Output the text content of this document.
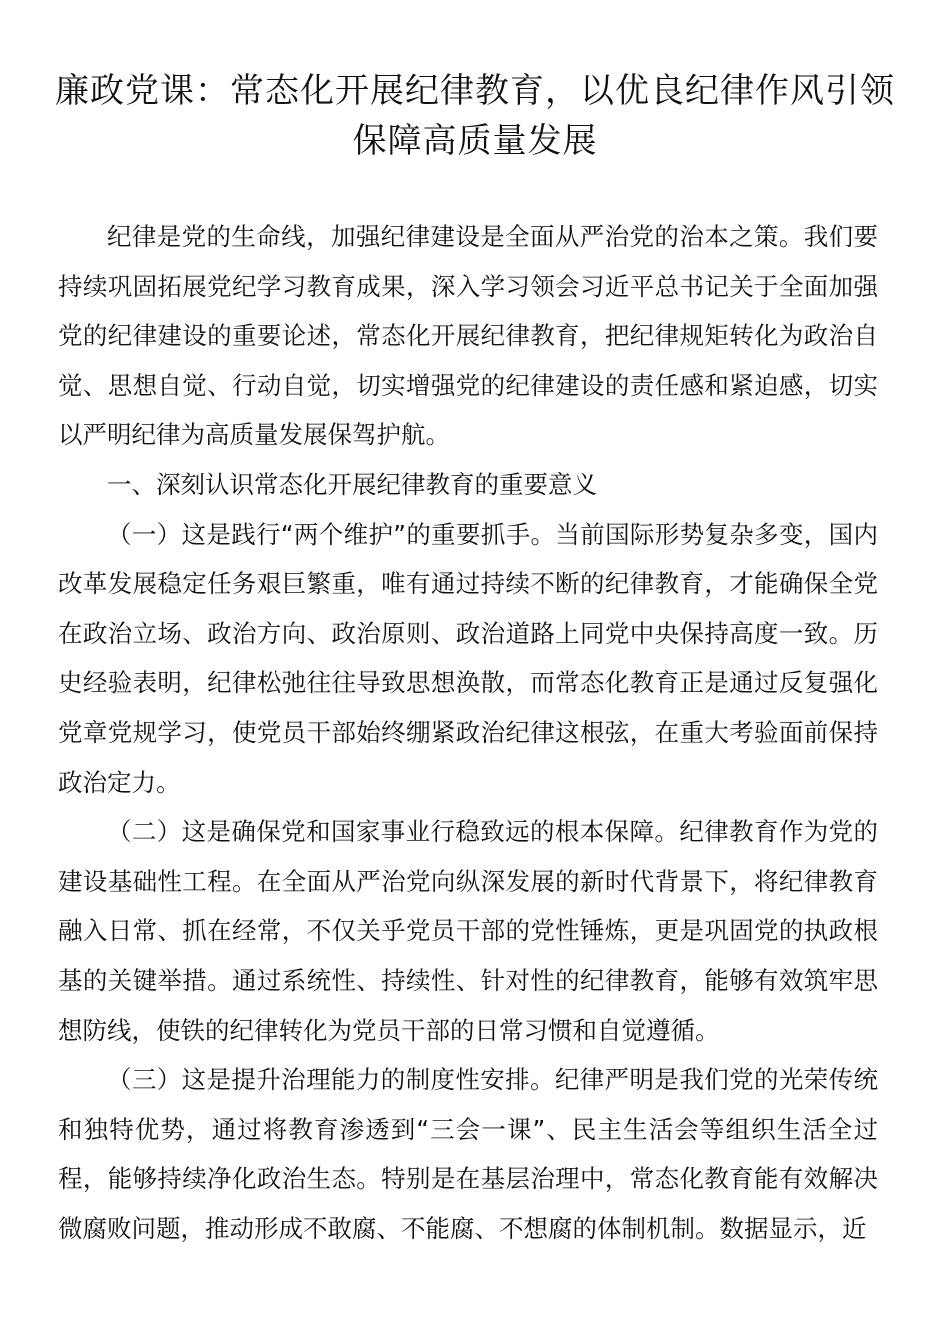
廉政党课：常态化开展纪律教育，以优良纪律作风引领保障高质量发展

纪律是党的生命线，加强纪律建设是全面从严治党的治本之策。我们要持续巩固拓展党纪学习教育成果，深入学习领会习近平总书记关于全面加强党的纪律建设的重要论述，常态化开展纪律教育，把纪律规矩转化为政治自觉、思想自觉、行动自觉，切实增强党的纪律建设的责任感和紧迫感，切实以严明纪律为高质量发展保驾护航。

一、深刻认识常态化开展纪律教育的重要意义

（一）这是践行“两个维护”的重要抓手。当前国际形势复杂多变，国内改革发展稳定任务艰巨繁重，唯有通过持续不断的纪律教育，才能确保全党在政治立场、政治方向、政治原则、政治道路上同党中央保持高度一致。历史经验表明，纪律松弛往往导致思想涣散，而常态化教育正是通过反复强化党章党规学习，使党员干部始终绷紧政治纪律这根弦，在重大考验面前保持政治定力。

（二）这是确保党和国家事业行稳致远的根本保障。纪律教育作为党的建设基础性工程。在全面从严治党向纵深发展的新时代背景下，将纪律教育融入日常、抓在经常，不仅关乎党员干部的党性锤炼，更是巩固党的执政根基的关键举措。通过系统性、持续性、针对性的纪律教育，能够有效筑牢思想防线，使铁的纪律转化为党员干部的日常习惯和自觉遵循。

（三）这是提升治理能力的制度性安排。纪律严明是我们党的光荣传统和独特优势，通过将教育渗透到“三会一课”、民主生活会等组织生活全过程，能够持续净化政治生态。特别是在基层治理中，常态化教育能有效解决微腐败问题，推动形成不敢腐、不能腐、不想腐的体制机制。数据显示，近
